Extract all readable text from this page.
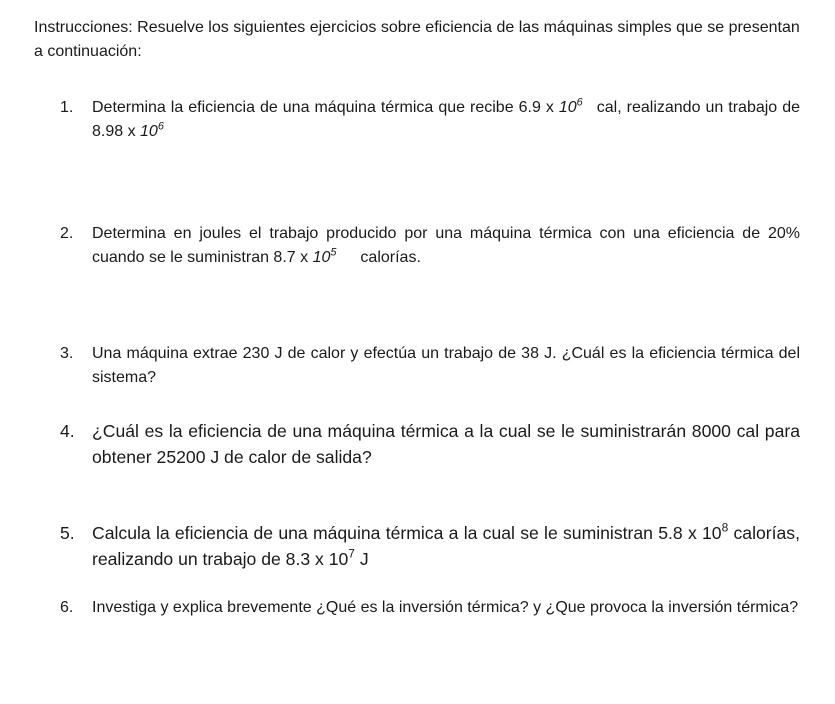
Instrucciones: Resuelve los siguientes ejercicios sobre eficiencia de las máquinas simples que se presentan a continuación:
1. Determina la eficiencia de una máquina térmica que recibe 6.9 x $10^6$ cal, realizando un trabajo de 8.98 x $10^6$
2. Determina en joules el trabajo producido por una máquina térmica con una eficiencia de 20% cuando se le suministran 8.7 x $10^5$ calorías.
3. Una máquina extrae 230 J de calor y efectúa un trabajo de 38 J. ¿Cuál es la eficiencia térmica del sistema?
4. ¿Cuál es la eficiencia de una máquina térmica a la cual se le suministrarán 8000 cal para obtener 25200 J de calor de salida?
5. Calcula la eficiencia de una máquina térmica a la cual se le suministran 5.8 x $10^8$ calorías, realizando un trabajo de 8.3 x $10^7$ J
6. Investiga y explica brevemente ¿Qué es la inversión térmica? y ¿Que provoca la inversión térmica?
